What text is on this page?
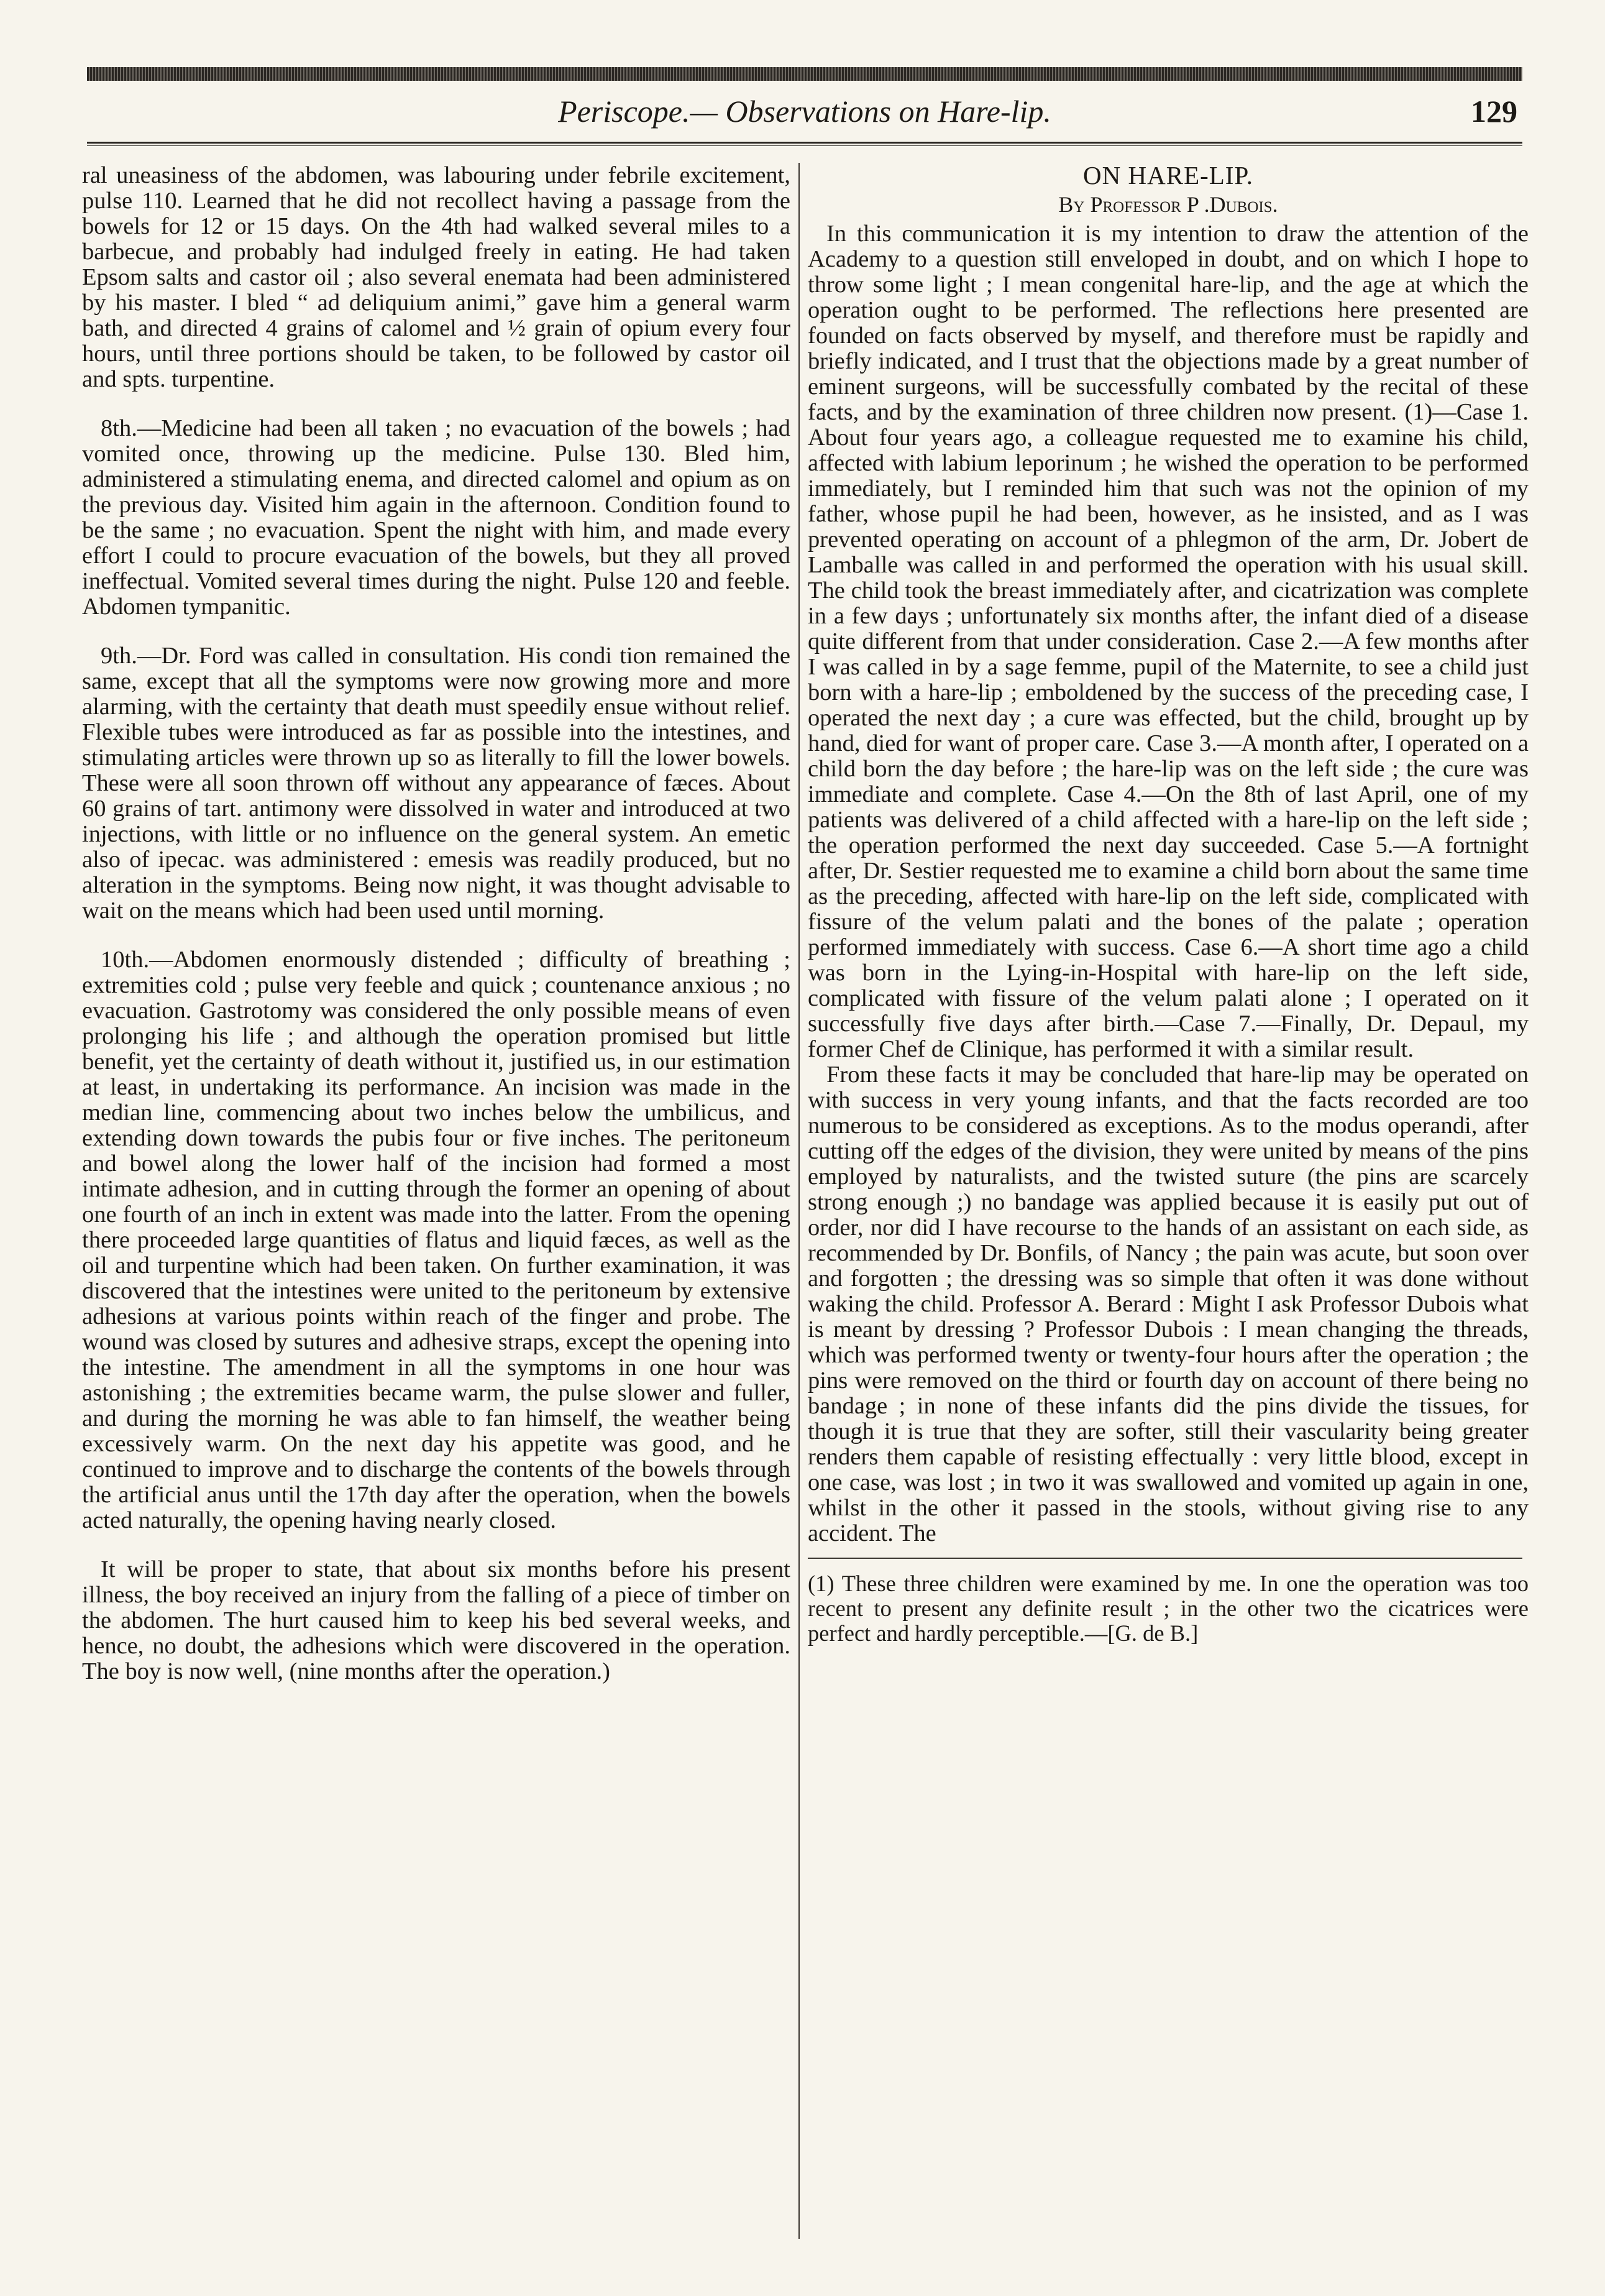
Periscope.— Observations on Hare-lip.	129

ral uneasiness of the abdomen, was labouring under febrile excitement, pulse 110. Learned that he did not recollect having a passage from the bowels for 12 or 15 days. On the 4th had walked several miles to a barbecue, and probably had indulged freely in eating. He had taken Epsom salts and castor oil ; also several enemata had been administered by his master. I bled “ ad deliquium animi,” gave him a general warm bath, and directed 4 grains of calomel and ½ grain of opium every four hours, until three portions should be taken, to be followed by castor oil and spts. turpentine.

8th.—Medicine had been all taken ; no evacuation of the bowels ; had vomited once, throwing up the medicine. Pulse 130. Bled him, administered a stimulating enema, and directed calomel and opium as on the previous day. Visited him again in the afternoon. Condition found to be the same ; no evacuation. Spent the night with him, and made every effort I could to procure evacuation of the bowels, but they all proved ineffectual. Vomited several times during the night. Pulse 120 and feeble. Abdomen tympanitic.

9th.—Dr. Ford was called in consultation. His condi tion remained the same, except that all the symptoms were now growing more and more alarming, with the certainty that death must speedily ensue without relief. Flexible tubes were introduced as far as possible into the intestines, and stimulating articles were thrown up so as literally to fill the lower bowels. These were all soon thrown off without any appearance of fæces. About 60 grains of tart. antimony were dissolved in water and introduced at two injections, with little or no influence on the general system. An emetic also of ipecac. was administered : emesis was readily produced, but no alteration in the symptoms. Being now night, it was thought advisable to wait on the means which had been used until morning.

10th.—Abdomen enormously distended ; difficulty of breathing ; extremities cold ; pulse very feeble and quick ; countenance anxious ; no evacuation. Gastrotomy was considered the only possible means of even prolonging his life ; and although the operation promised but little benefit, yet the certainty of death without it, justified us, in our estimation at least, in undertaking its performance. An incision was made in the median line, commencing about two inches below the umbilicus, and extending down towards the pubis four or five inches. The peritoneum and bowel along the lower half of the incision had formed a most intimate adhesion, and in cutting through the former an opening of about one fourth of an inch in extent was made into the latter. From the opening there proceeded large quantities of flatus and liquid fæces, as well as the oil and turpentine which had been taken. On further examination, it was discovered that the intestines were united to the peritoneum by extensive adhesions at various points within reach of the finger and probe. The wound was closed by sutures and adhesive straps, except the opening into the intestine. The amendment in all the symptoms in one hour was astonishing ; the extremities became warm, the pulse slower and fuller, and during the morning he was able to fan himself, the weather being excessively warm. On the next day his appetite was good, and he continued to improve and to discharge the contents of the bowels through the artificial anus until the 17th day after the operation, when the bowels acted naturally, the opening having nearly closed.

It will be proper to state, that about six months before his present illness, the boy received an injury from the falling of a piece of timber on the abdomen. The hurt caused him to keep his bed several weeks, and hence, no doubt, the adhesions which were discovered in the operation. The boy is now well, (nine months after the operation.)

ON HARE-LIP.
By Professor P .Dubois.

In this communication it is my intention to draw the attention of the Academy to a question still enveloped in doubt, and on which I hope to throw some light ; I mean congenital hare-lip, and the age at which the operation ought to be performed. The reflections here presented are founded on facts observed by myself, and therefore must be rapidly and briefly indicated, and I trust that the objections made by a great number of eminent surgeons, will be successfully combated by the recital of these facts, and by the examination of three children now present. (1)—Case 1. About four years ago, a colleague requested me to examine his child, affected with labium leporinum ; he wished the operation to be performed immediately, but I reminded him that such was not the opinion of my father, whose pupil he had been, however, as he insisted, and as I was prevented operating on account of a phlegmon of the arm, Dr. Jobert de Lamballe was called in and performed the operation with his usual skill. The child took the breast immediately after, and cicatrization was complete in a few days ; unfortunately six months after, the infant died of a disease quite different from that under consideration. Case 2.—A few months after I was called in by a sage femme, pupil of the Maternite, to see a child just born with a hare-lip ; emboldened by the success of the preceding case, I operated the next day ; a cure was effected, but the child, brought up by hand, died for want of proper care. Case 3.—A month after, I operated on a child born the day before ; the hare-lip was on the left side ; the cure was immediate and complete. Case 4.—On the 8th of last April, one of my patients was delivered of a child affected with a hare-lip on the left side ; the operation performed the next day succeeded. Case 5.—A fortnight after, Dr. Sestier requested me to examine a child born about the same time as the preceding, affected with hare-lip on the left side, complicated with fissure of the velum palati and the bones of the palate ; operation performed immediately with success. Case 6.—A short time ago a child was born in the Lying-in-Hospital with hare-lip on the left side, complicated with fissure of the velum palati alone ; I operated on it successfully five days after birth.—Case 7.—Finally, Dr. Depaul, my former Chef de Clinique, has performed it with a similar result.

From these facts it may be concluded that hare-lip may be operated on with success in very young infants, and that the facts recorded are too numerous to be considered as exceptions. As to the modus operandi, after cutting off the edges of the division, they were united by means of the pins employed by naturalists, and the twisted suture (the pins are scarcely strong enough ;) no bandage was applied because it is easily put out of order, nor did I have recourse to the hands of an assistant on each side, as recommended by Dr. Bonfils, of Nancy ; the pain was acute, but soon over and forgotten ; the dressing was so simple that often it was done without waking the child. Professor A. Berard : Might I ask Professor Dubois what is meant by dressing ? Professor Dubois : I mean changing the threads, which was performed twenty or twenty-four hours after the operation ; the pins were removed on the third or fourth day on account of there being no bandage ; in none of these infants did the pins divide the tissues, for though it is true that they are softer, still their vascularity being greater renders them capable of resisting effectually : very little blood, except in one case, was lost ; in two it was swallowed and vomited up again in one, whilst in the other it passed in the stools, without giving rise to any accident. The

(1) These three children were examined by me. In one the operation was too recent to present any definite result ; in the other two the cicatrices were perfect and hardly perceptible.—[G. de B.]
